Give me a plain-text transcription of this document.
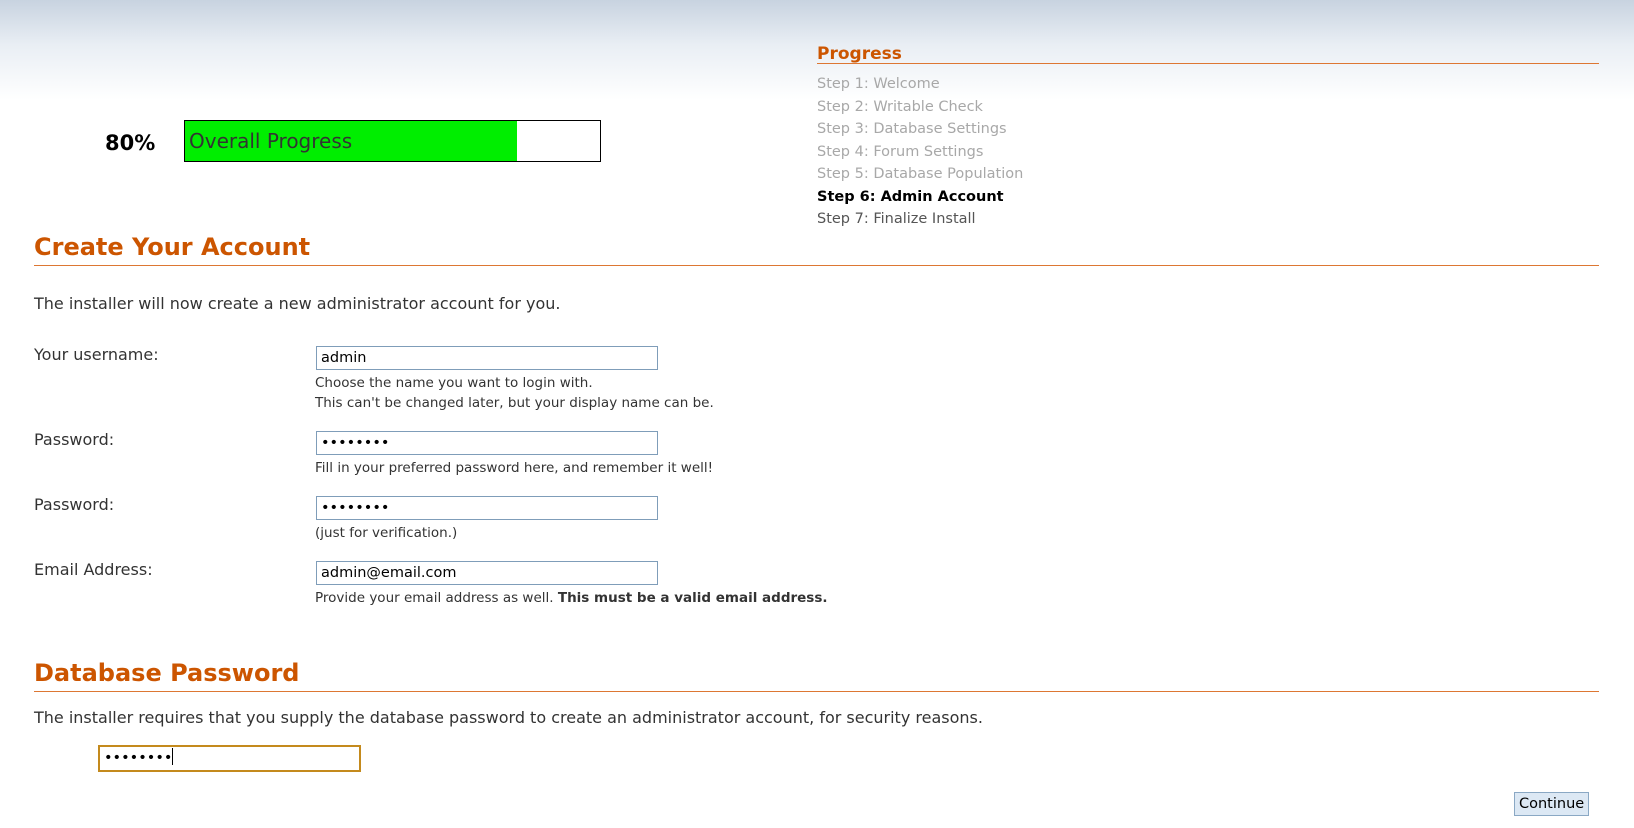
80% Overall Progress
Progress
Step 1: Welcome
Step 2: Writable Check
Step 3: Database Settings
Step 4: Forum Settings
Step 5: Database Population
Step 6: Admin Account
Step 7: Finalize Install
Create Your Account
The installer will now create a new administrator account for you.
Your username:	admin
Choose the name you want to login with.
This can't be changed later, but your display name can be.
Password:	••••••••
Fill in your preferred password here, and remember it well!
Password:	••••••••
(just for verification.)
Email Address:	admin@email.com
Provide your email address as well. This must be a valid email address.
Database Password
The installer requires that you supply the database password to create an administrator account, for security reasons.
••••••••
Continue
